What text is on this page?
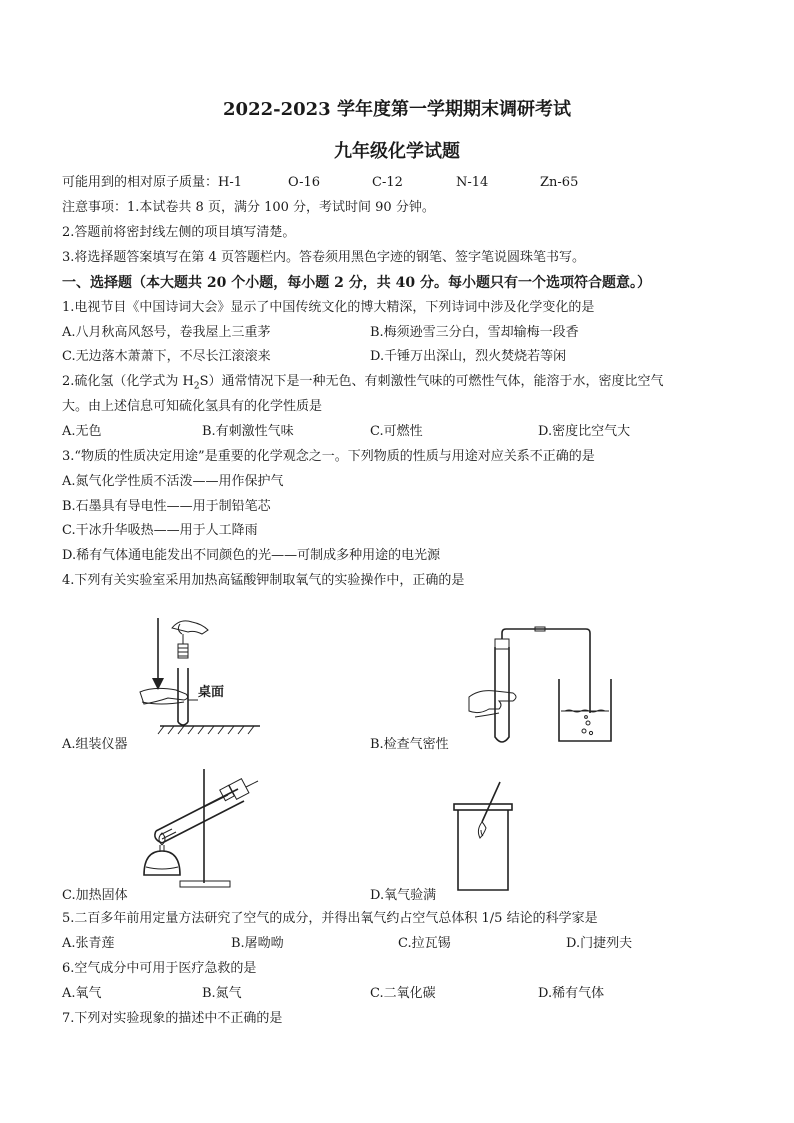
2022-2023 学年度第一学期期末调研考试
九年级化学试题
可能用到的相对原子质量：H-1	O-16	C-12	N-14	Zn-65
注意事项：1.本试卷共 8 页，满分 100 分，考试时间 90 分钟。
2.答题前将密封线左侧的项目填写清楚。
3.将选择题答案填写在第 4 页答题栏内。答卷须用黑色字迹的钢笔、签字笔说圆珠笔书写。
一、选择题（本大题共 20 个小题，每小题 2 分，共 40 分。每小题只有一个选项符合题意。）
1.电视节目《中国诗词大会》显示了中国传统文化的博大精深，下列诗词中涉及化学变化的是
A.八月秋高风怒号，卷我屋上三重茅	B.梅须逊雪三分白，雪却输梅一段香
C.无边落木萧萧下，不尽长江滚滚来	D.千锤万出深山，烈火焚烧若等闲
2.硫化氢（化学式为 $H_2S$）通常情况下是一种无色、有刺激性气味的可燃性气体，能溶于水，密度比空气
大。由上述信息可知硫化氢具有的化学性质是
A.无色	B.有刺激性气味	C.可燃性	D.密度比空气大
3.“物质的性质决定用途”是重要的化学观念之一。下列物质的性质与用途对应关系不正确的是
A.氮气化学性质不活泼——用作保护气
B.石墨具有导电性——用于制铅笔芯
C.干冰升华吸热——用于人工降雨
D.稀有气体通电能发出不同颜色的光——可制成多种用途的电光源
4.下列有关实验室采用加热高锰酸钾制取氧气的实验操作中，正确的是
桌面
A.组装仪器	B.检查气密性
C.加热固体	D.氧气验满
5.二百多年前用定量方法研究了空气的成分，并得出氧气约占空气总体积 1/5 结论的科学家是
A.张青莲	B.屠呦呦	C.拉瓦锡	D.门捷列夫
6.空气成分中可用于医疗急救的是
A.氧气	B.氮气	C.二氧化碳	D.稀有气体
7.下列对实验现象的描述中不正确的是
